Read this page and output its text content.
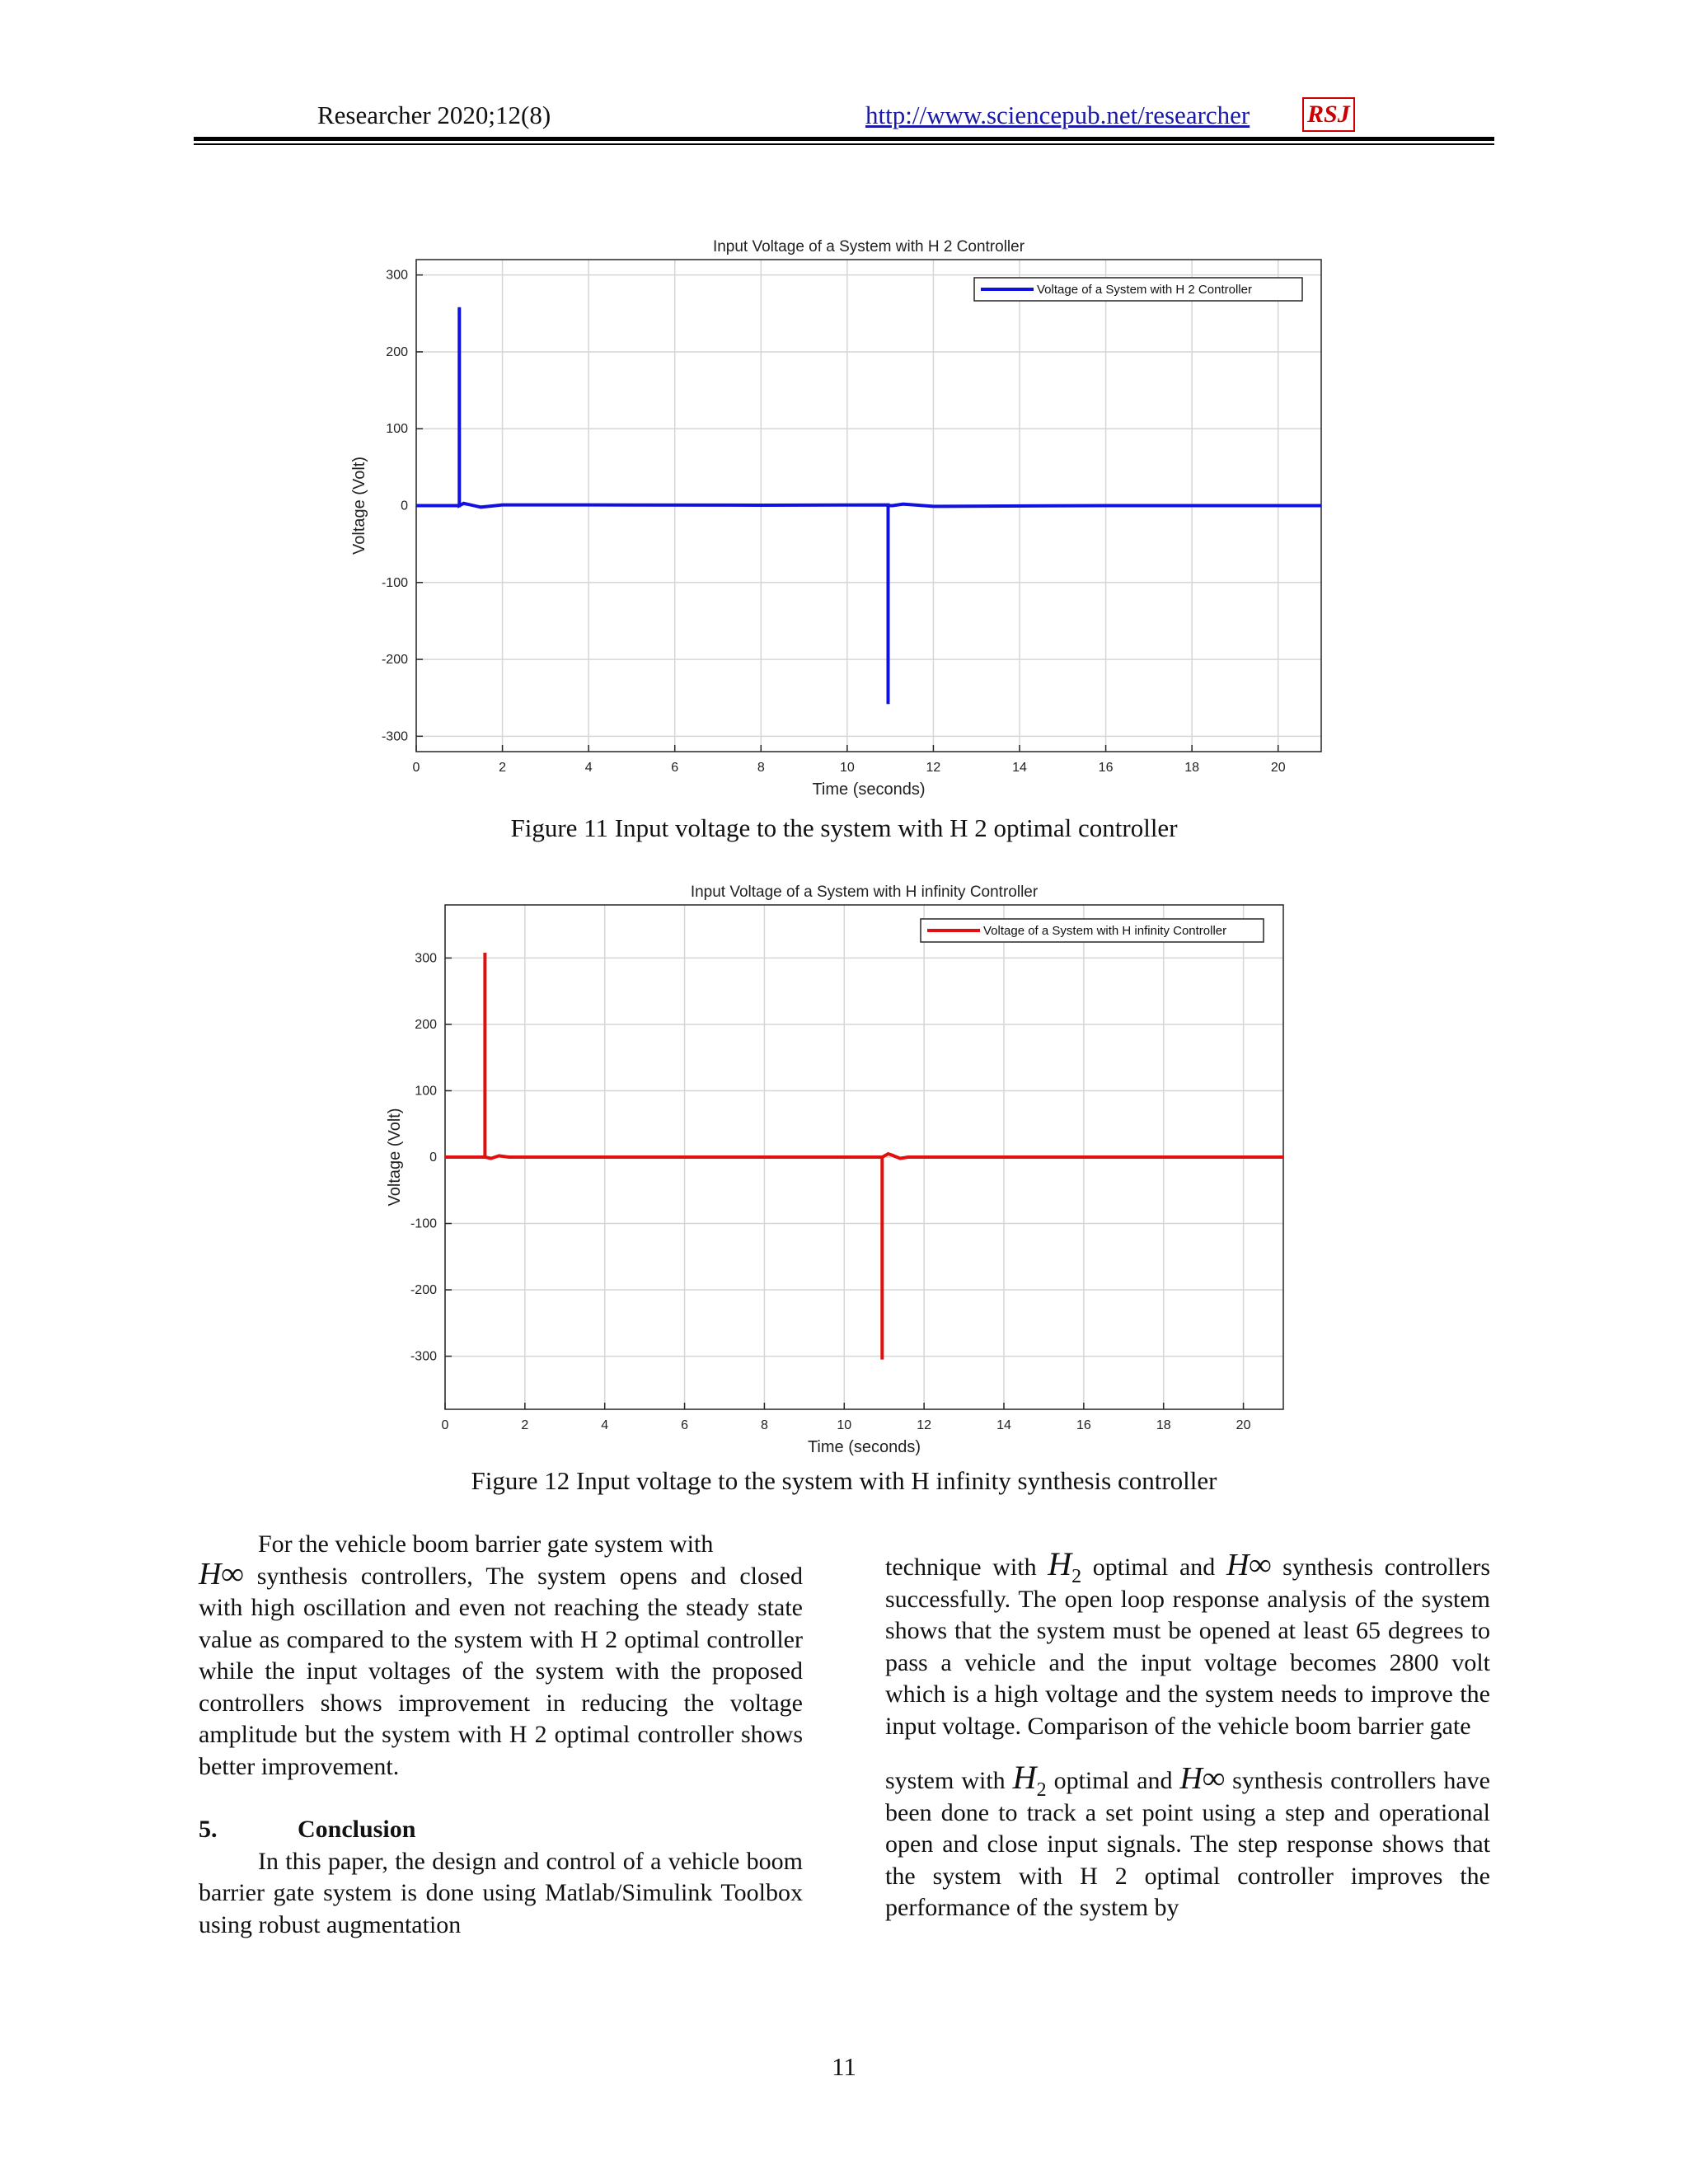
Researcher 2020;12(8)	http://www.sciencepub.net/researcher RSJ
0	2	4	6	8	10	12	14	16	18	20
300
200
100
0
-100
-200
-300
Input Voltage of a System with H 2 Controller
Time (seconds)
Voltage (Volt)
Voltage of a System with H 2 Controller
Figure 11 Input voltage to the system with H 2 optimal controller
0	2	4	6	8	10	12	14	16	18	20
300
200
100
0
-100
-200
-300
Input Voltage of a System with H infinity Controller
Time (seconds)
Voltage (Volt)
Voltage of a System with H infinity Controller
Figure 12 Input voltage to the system with H infinity synthesis controller

For the vehicle boom barrier gate system with

H∞ synthesis controllers, The system opens and closed with high oscillation and even not reaching the steady state value as compared to the system with H 2 optimal controller while the input voltages of the system with the proposed controllers shows improvement in reducing the voltage amplitude but the system with H 2 optimal controller shows better improvement.

5.	Conclusion

In this paper, the design and control of a vehicle boom barrier gate system is done using Matlab/Simulink Toolbox using robust augmentation

technique with $H_2$ optimal and H∞ synthesis controllers successfully. The open loop response analysis of the system shows that the system must be opened at least 65 degrees to pass a vehicle and the input voltage becomes 2800 volt which is a high voltage and the system needs to improve the input voltage. Comparison of the vehicle boom barrier gate

system with $H_2$ optimal and H∞ synthesis controllers have been done to track a set point using a step and operational open and close input signals. The step response shows that the system with H 2 optimal controller improves the performance of the system by

11
